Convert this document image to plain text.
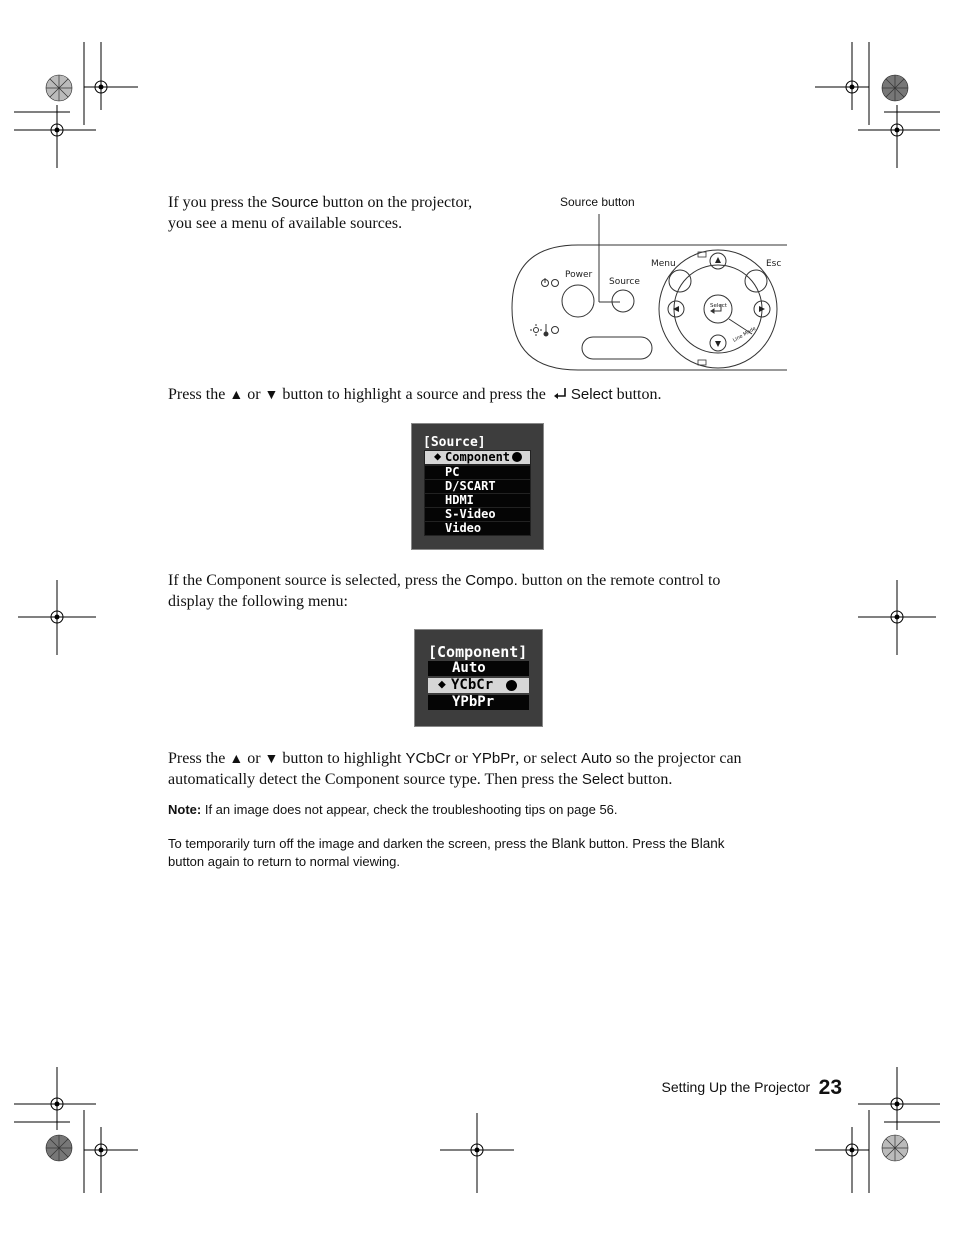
If you press the Source button on the projector,
you see a menu of available sources.
Source button
Power
Source
Menu	Esc
Select
Line Mode
Press the ▲ or ▼ button to highlight a source and press the Select button.
[Source]
◆ Component
PC
D/SCART
HDMI
S-Video
Video
If the Component source is selected, press the Compo. button on the remote control to
display the following menu:
[Component]
Auto
◆ YCbCr
YPbPr
Press the ▲ or ▼ button to highlight YCbCr or YPbPr, or select Auto so the projector can
automatically detect the Component source type. Then press the Select button.
Note: If an image does not appear, check the troubleshooting tips on page 56.
To temporarily turn off the image and darken the screen, press the Blank button. Press the Blank
button again to return to normal viewing.
Setting Up the Projector 23
